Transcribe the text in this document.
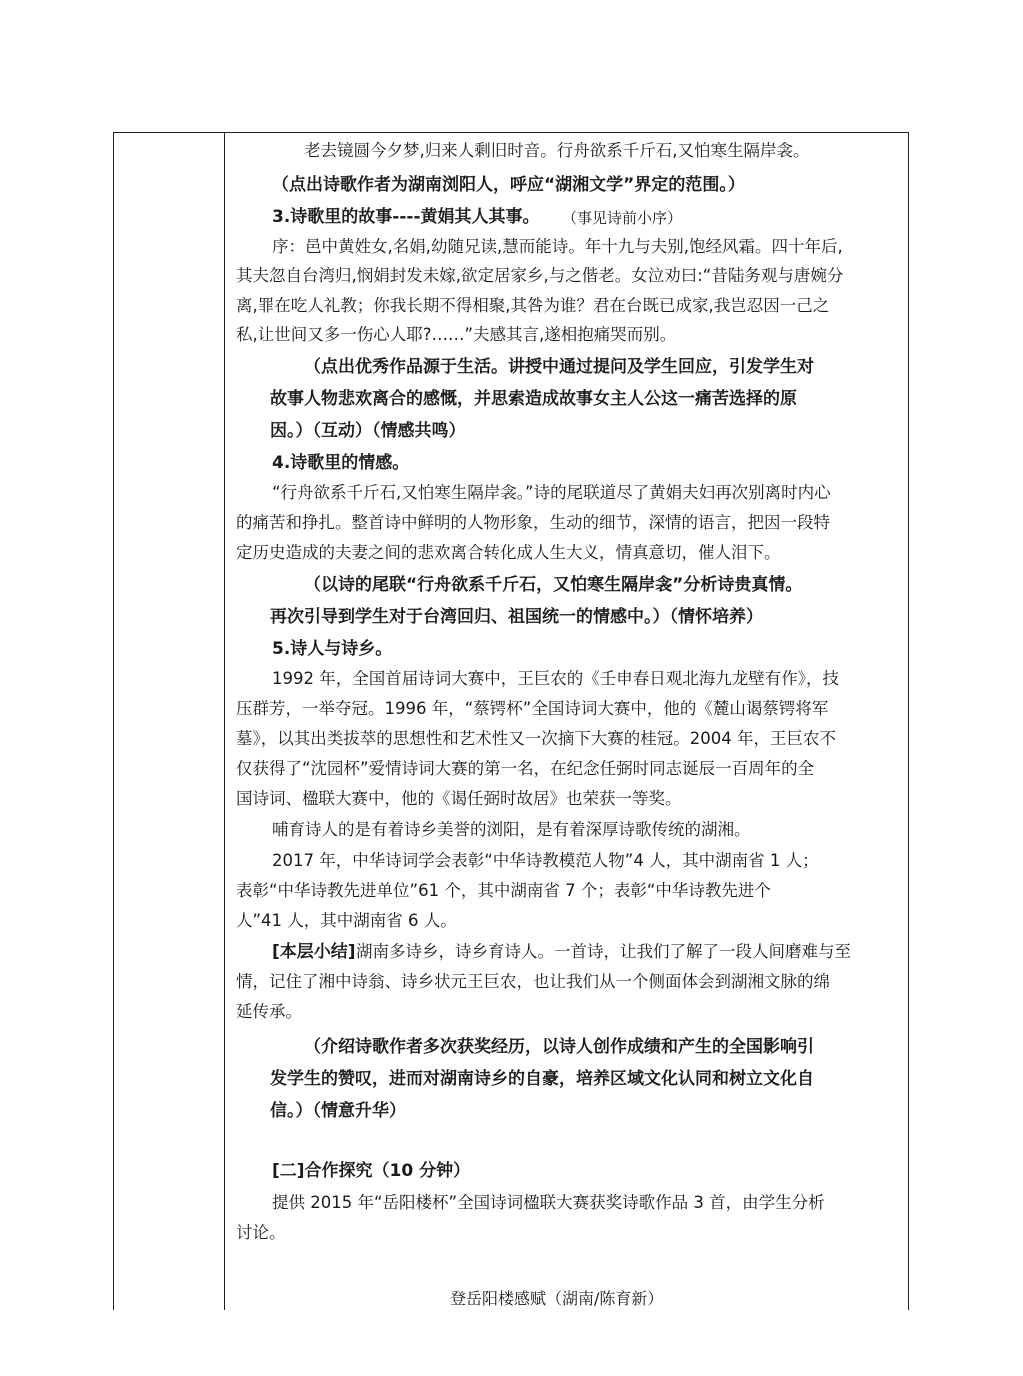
老去镜圆今夕梦,归来人剩旧时音。行舟欲系千斤石,又怕寒生隔岸衾。
（点出诗歌作者为湖南浏阳人，呼应“湖湘文学”界定的范围。）
3.诗歌里的故事----黄娟其人其事。 （事见诗前小序）
序：邑中黄姓女,名娟,幼随兄读,慧而能诗。年十九与夫别,饱经风霜。四十年后,
其夫忽自台湾归,悯娟封发未嫁,欲定居家乡,与之偕老。女泣劝曰:“昔陆务观与唐婉分
离,罪在吃人礼教；你我长期不得相聚,其咎为谁？君在台既已成家,我岂忍因一己之
私,让世间又多一伤心人耶?……”夫感其言,遂相抱痛哭而别。
（点出优秀作品源于生活。讲授中通过提问及学生回应，引发学生对
故事人物悲欢离合的感慨，并思索造成故事女主人公这一痛苦选择的原
因。）（互动）（情感共鸣）
4.诗歌里的情感。
“行舟欲系千斤石,又怕寒生隔岸衾。”诗的尾联道尽了黄娟夫妇再次别离时内心
的痛苦和挣扎。整首诗中鲜明的人物形象，生动的细节，深情的语言，把因一段特
定历史造成的夫妻之间的悲欢离合转化成人生大义，情真意切，催人泪下。
（以诗的尾联“行舟欲系千斤石，又怕寒生隔岸衾”分析诗贵真情。
再次引导到学生对于台湾回归、祖国统一的情感中。）（情怀培养）
5.诗人与诗乡。
1992 年，全国首届诗词大赛中，王巨农的《壬申春日观北海九龙壁有作》，技
压群芳，一举夺冠。1996 年，“蔡锷杯”全国诗词大赛中，他的《麓山谒蔡锷将军
墓》，以其出类拔萃的思想性和艺术性又一次摘下大赛的桂冠。2004 年，王巨农不
仅获得了“沈园杯”爱情诗词大赛的第一名，在纪念任弼时同志诞辰一百周年的全
国诗词、楹联大赛中，他的《谒任弼时故居》也荣获一等奖。
哺育诗人的是有着诗乡美誉的浏阳，是有着深厚诗歌传统的湖湘。
2017 年，中华诗词学会表彰“中华诗教模范人物”4 人，其中湖南省 1 人；
表彰“中华诗教先进单位”61 个，其中湖南省 7 个；表彰“中华诗教先进个
人”41 人，其中湖南省 6 人。
[本层小结] 湖南多诗乡，诗乡育诗人。一首诗，让我们了解了一段人间磨难与至
情，记住了湘中诗翁、诗乡状元王巨农，也让我们从一个侧面体会到湖湘文脉的绵
延传承。
（介绍诗歌作者多次获奖经历，以诗人创作成绩和产生的全国影响引
发学生的赞叹，进而对湖南诗乡的自豪，培养区域文化认同和树立文化自
信。）（情意升华）
[二]合作探究（10 分钟）
提供 2015 年“岳阳楼杯”全国诗词楹联大赛获奖诗歌作品 3 首，由学生分析
讨论。
登岳阳楼感赋（湖南/陈育新）
